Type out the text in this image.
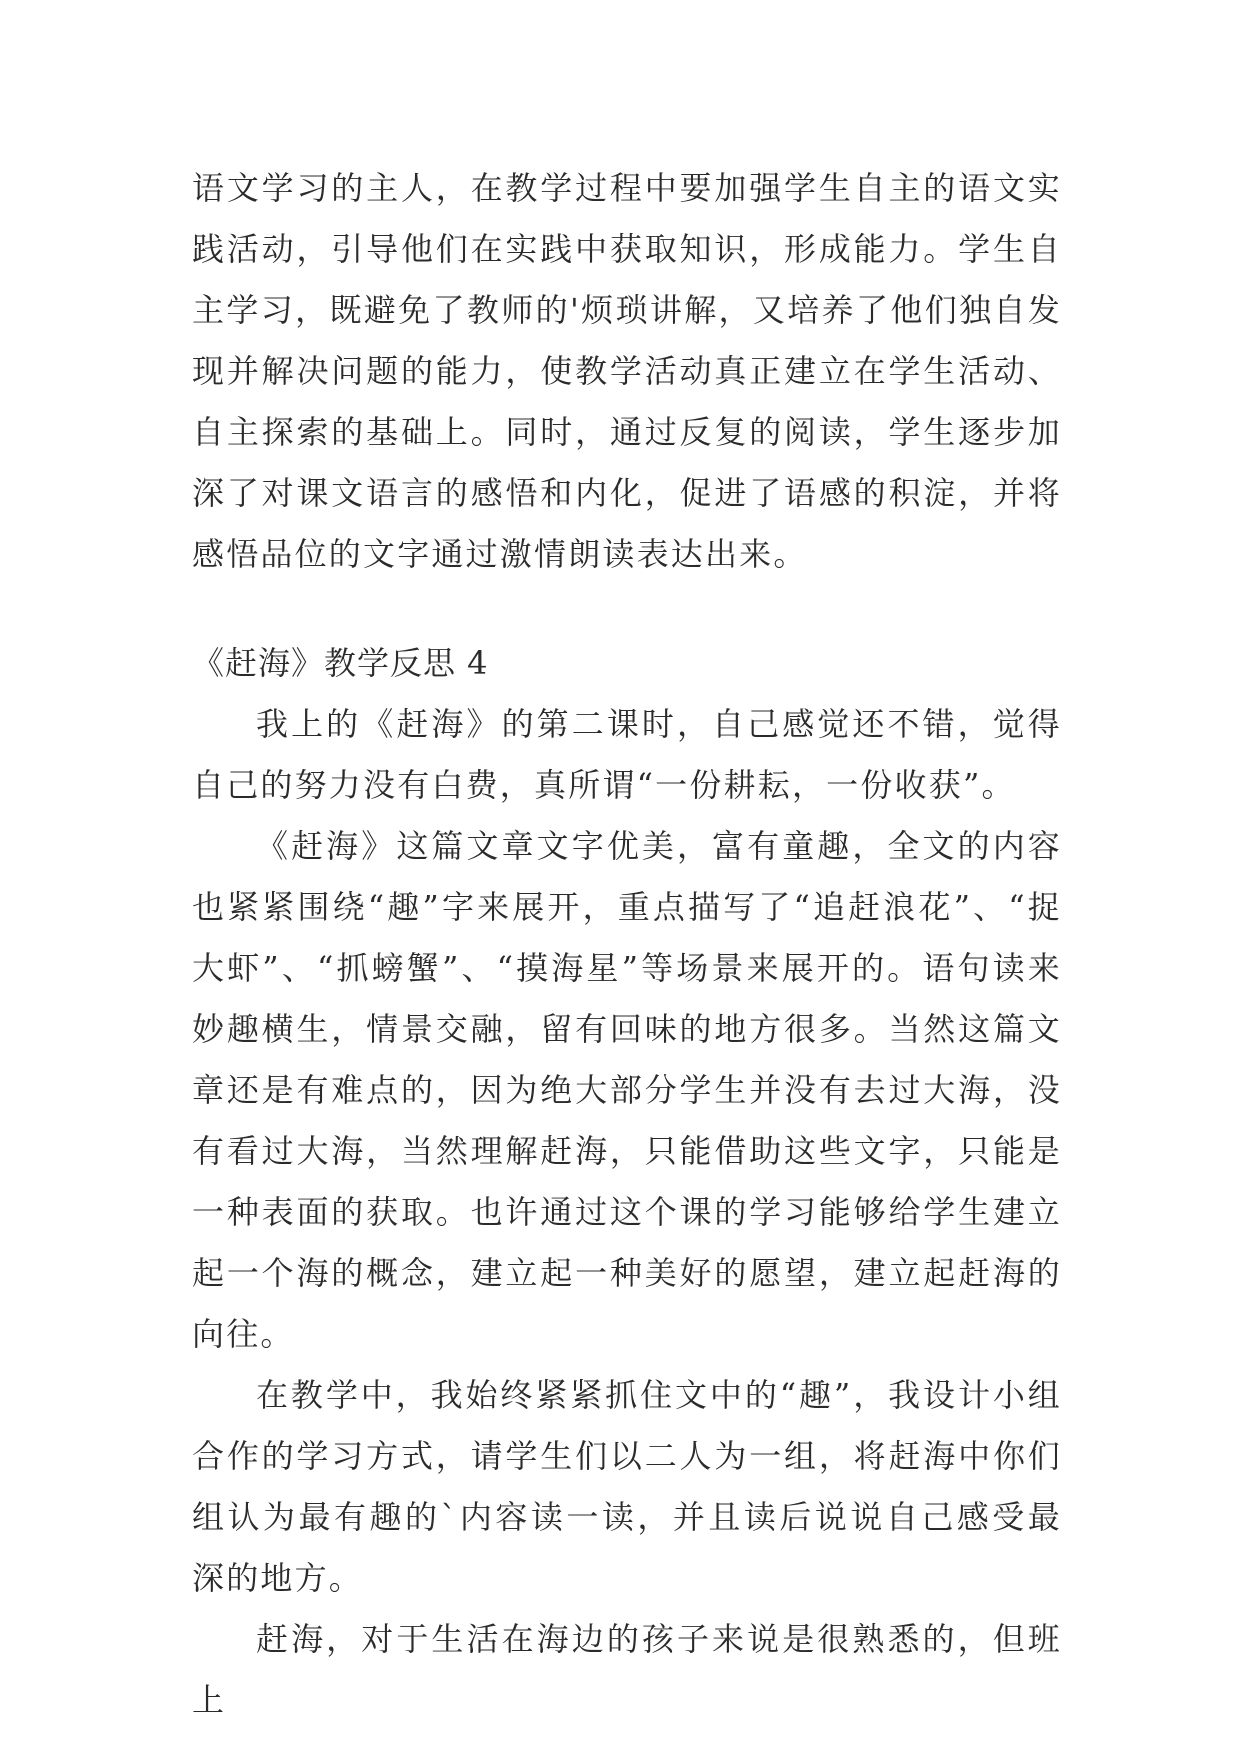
语文学习的主人，在教学过程中要加强学生自主的语文实践活动，引导他们在实践中获取知识，形成能力。学生自主学习，既避免了教师的'烦琐讲解，又培养了他们独自发现并解决问题的能力，使教学活动真正建立在学生活动、自主探索的基础上。同时，通过反复的阅读，学生逐步加深了对课文语言的感悟和内化，促进了语感的积淀，并将感悟品位的文字通过激情朗读表达出来。

《赶海》教学反思 4

我上的《赶海》的第二课时，自己感觉还不错，觉得自己的努力没有白费，真所谓“一份耕耘，一份收获”。

《赶海》这篇文章文字优美，富有童趣，全文的内容也紧紧围绕“趣”字来展开，重点描写了“追赶浪花”、“捉大虾”、“抓螃蟹”、“摸海星”等场景来展开的。语句读来妙趣横生，情景交融，留有回味的地方很多。当然这篇文章还是有难点的，因为绝大部分学生并没有去过大海，没有看过大海，当然理解赶海，只能借助这些文字，只能是一种表面的获取。也许通过这个课的学习能够给学生建立起一个海的概念，建立起一种美好的愿望，建立起赶海的向往。

在教学中，我始终紧紧抓住文中的“趣”，我设计小组合作的学习方式，请学生们以二人为一组，将赶海中你们组认为最有趣的`内容读一读，并且读后说说自己感受最深的地方。

赶海，对于生活在海边的孩子来说是很熟悉的，但班上
